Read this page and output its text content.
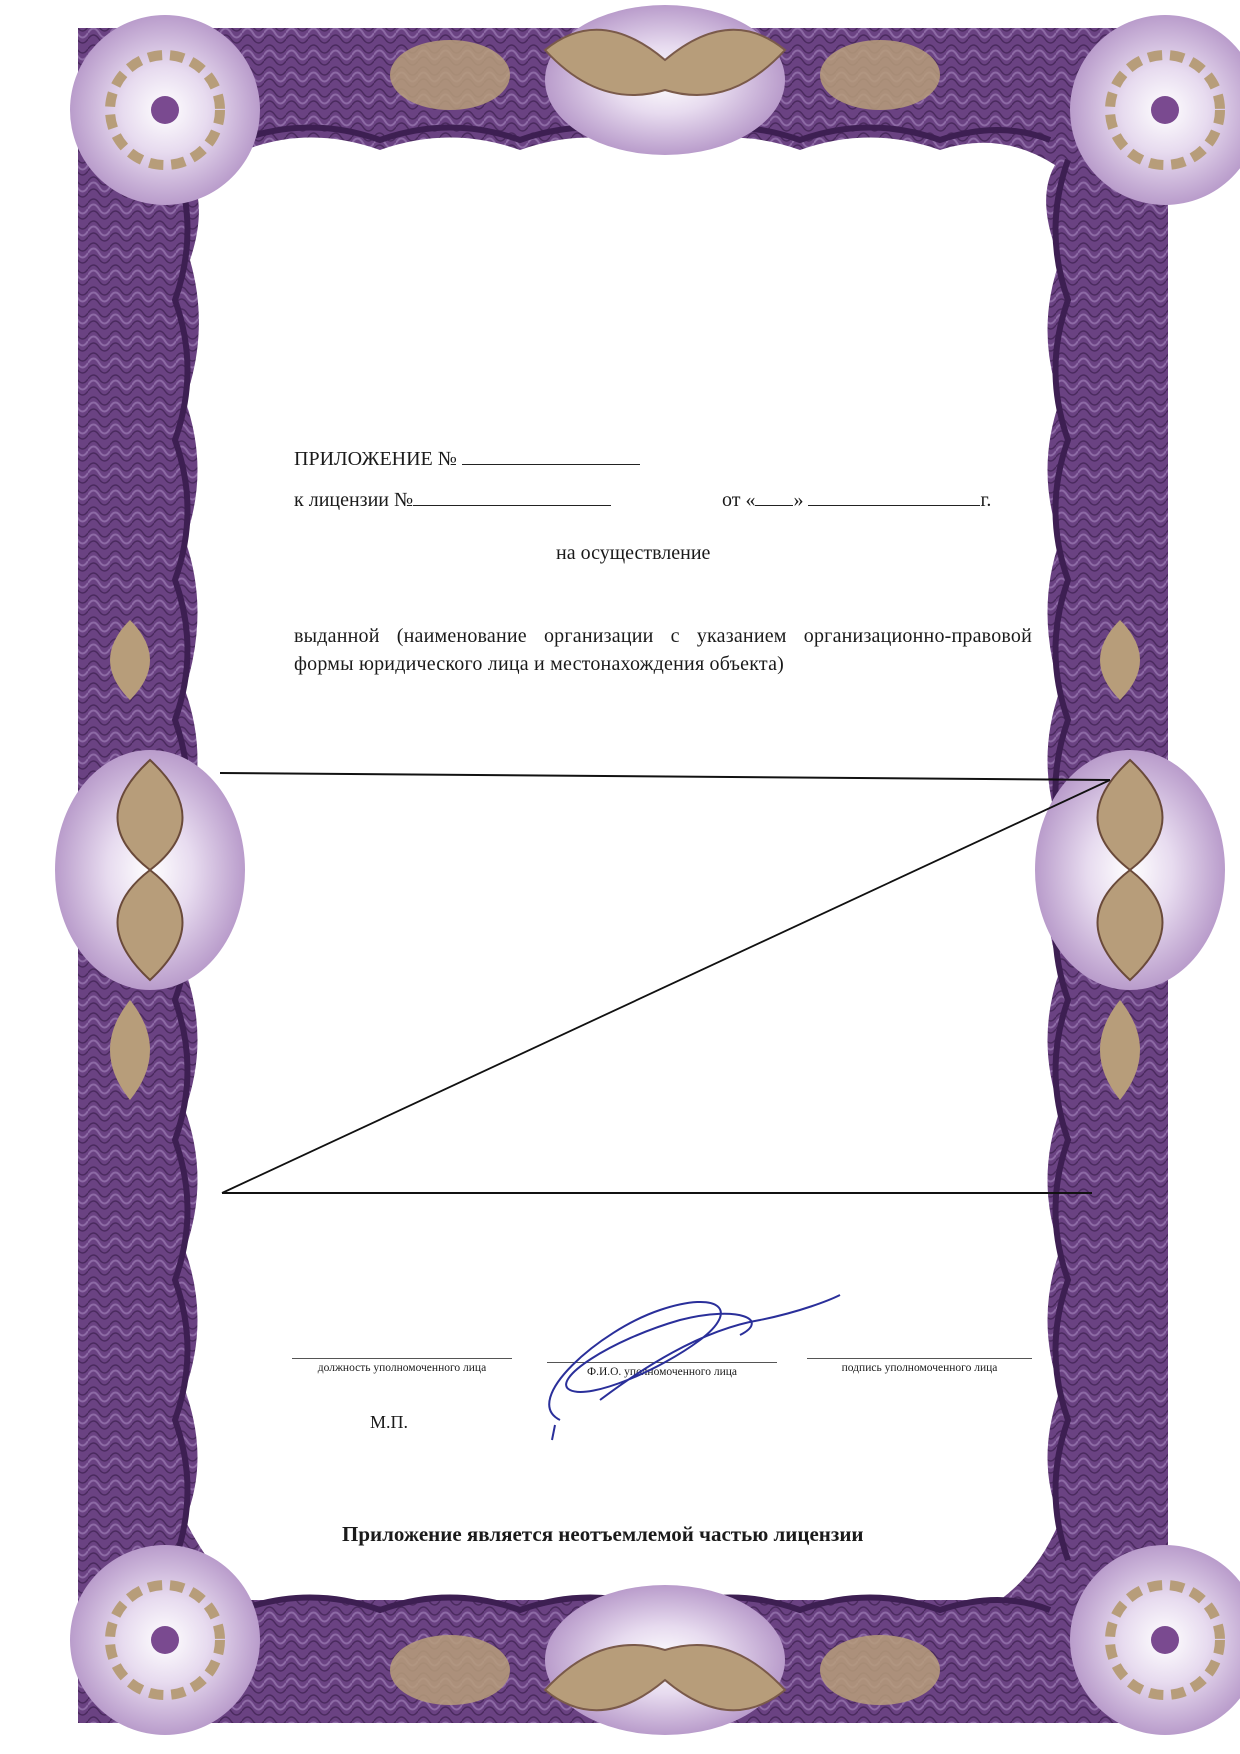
ПРИЛОЖЕНИЕ №
к лицензии №	от « »	г.
на осуществление
выданной (наименование организации с указанием организационно-правовой формы юридического лица и местонахождения объекта)
должность уполномоченного лица	Ф.И.О. уполномоченного лица	подпись уполномоченного лица
М.П.
Приложение является неотъемлемой частью лицензии
